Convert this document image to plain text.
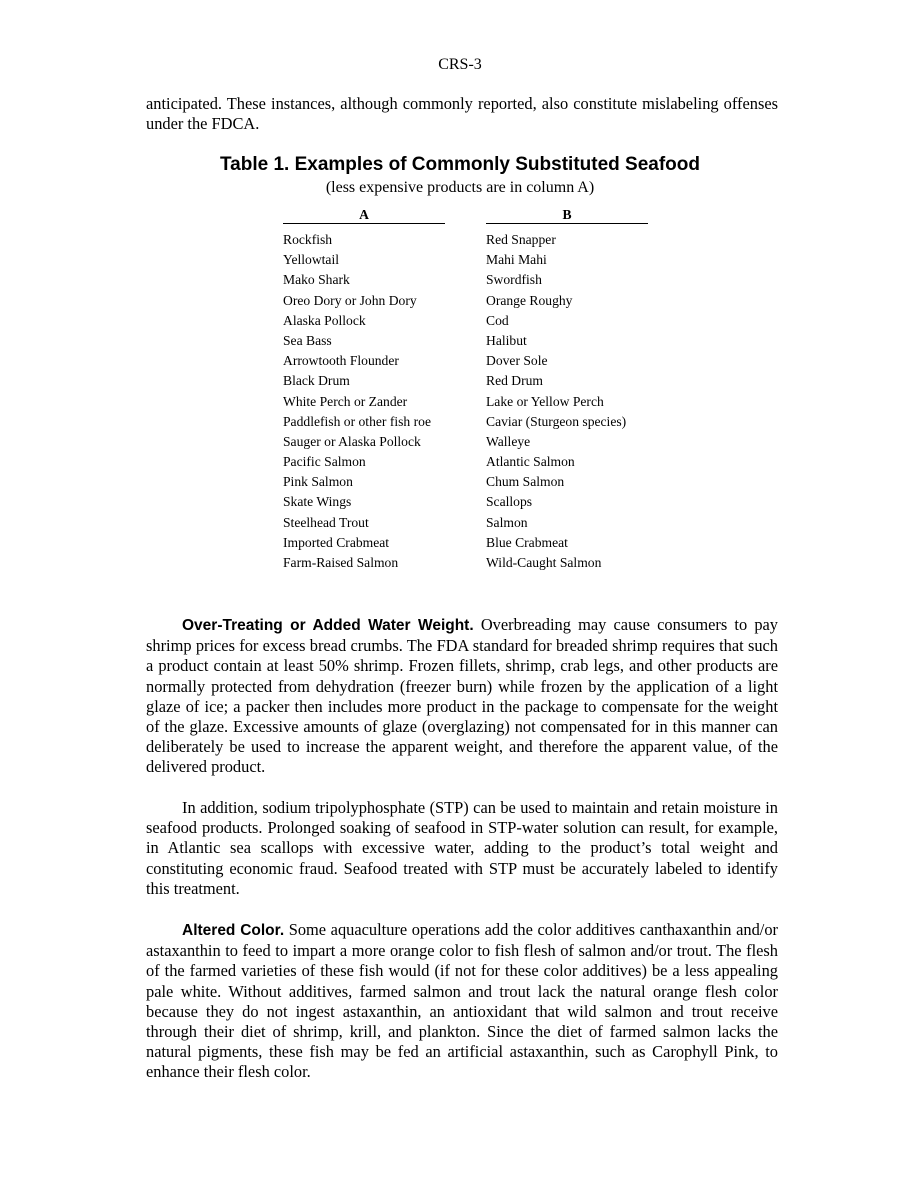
CRS-3

anticipated. These instances, although commonly reported, also constitute mislabeling offenses under the FDCA.

Table 1. Examples of Commonly Substituted Seafood
(less expensive products are in column A)
A
Rockfish
Yellowtail
Mako Shark
Oreo Dory or John Dory
Alaska Pollock
Sea Bass
Arrowtooth Flounder
Black Drum
White Perch or Zander
Paddlefish or other fish roe
Sauger or Alaska Pollock
Pacific Salmon
Pink Salmon
Skate Wings
Steelhead Trout
Imported Crabmeat
Farm-Raised Salmon
B
Red Snapper
Mahi Mahi
Swordfish
Orange Roughy
Cod
Halibut
Dover Sole
Red Drum
Lake or Yellow Perch
Caviar (Sturgeon species)
Walleye
Atlantic Salmon
Chum Salmon
Scallops
Salmon
Blue Crabmeat
Wild-Caught Salmon

Over-Treating or Added Water Weight. Overbreading may cause consumers to pay shrimp prices for excess bread crumbs. The FDA standard for breaded shrimp requires that such a product contain at least 50% shrimp. Frozen fillets, shrimp, crab legs, and other products are normally protected from dehydration (freezer burn) while frozen by the application of a light glaze of ice; a packer then includes more product in the package to compensate for the weight of the glaze. Excessive amounts of glaze (overglazing) not compensated for in this manner can deliberately be used to increase the apparent weight, and therefore the apparent value, of the delivered product.

In addition, sodium tripolyphosphate (STP) can be used to maintain and retain moisture in seafood products. Prolonged soaking of seafood in STP-water solution can result, for example, in Atlantic sea scallops with excessive water, adding to the product’s total weight and constituting economic fraud. Seafood treated with STP must be accurately labeled to identify this treatment.

Altered Color. Some aquaculture operations add the color additives canthaxanthin and/or astaxanthin to feed to impart a more orange color to fish flesh of salmon and/or trout. The flesh of the farmed varieties of these fish would (if not for these color additives) be a less appealing pale white. Without additives, farmed salmon and trout lack the natural orange flesh color because they do not ingest astaxanthin, an antioxidant that wild salmon and trout receive through their diet of shrimp, krill, and plankton. Since the diet of farmed salmon lacks the natural pigments, these fish may be fed an artificial astaxanthin, such as Carophyll Pink, to enhance their flesh color.
